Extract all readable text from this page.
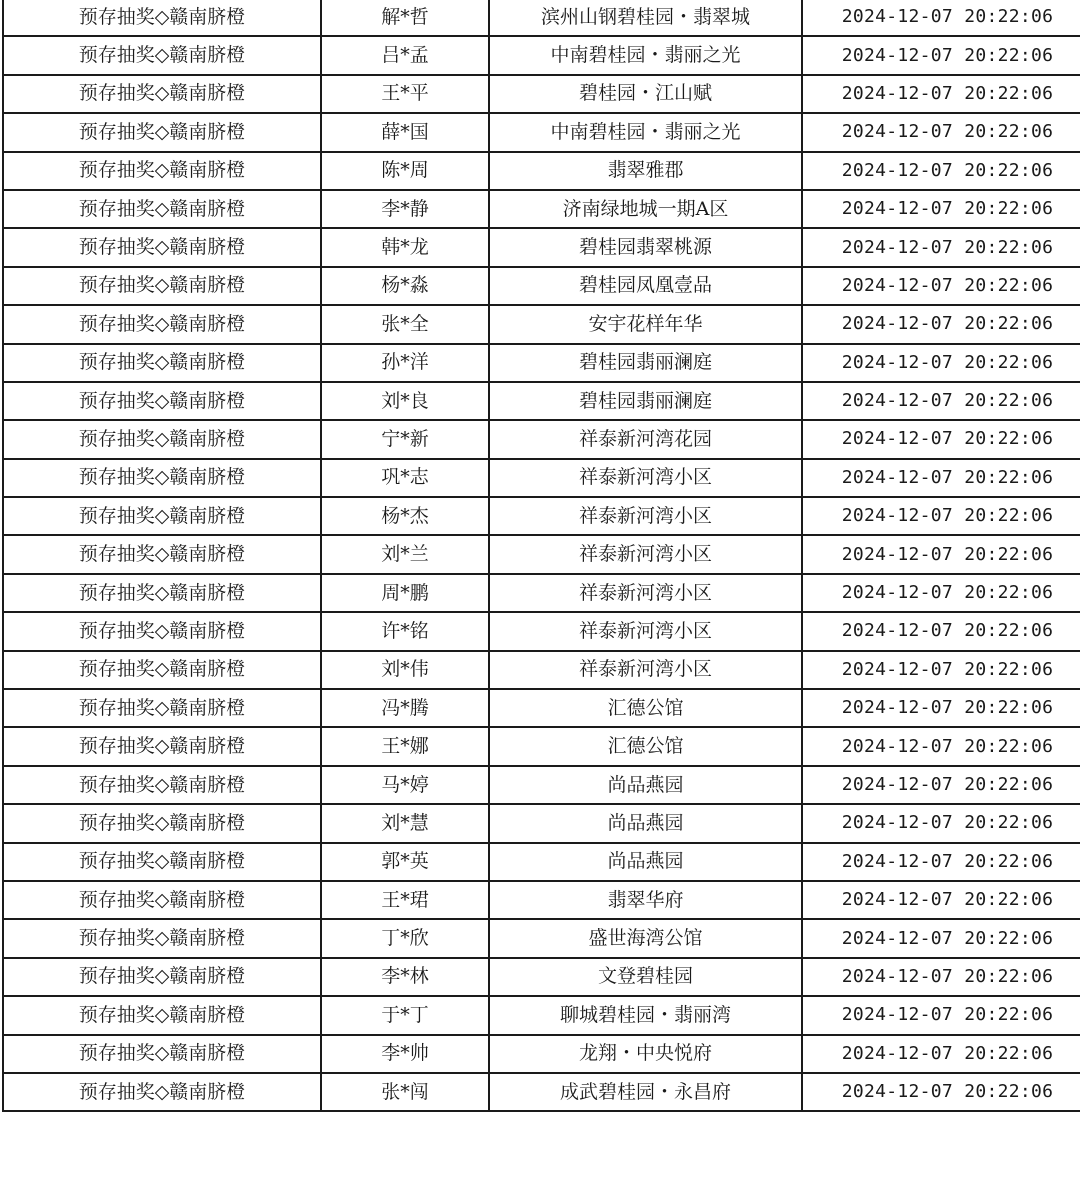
预存抽奖◇赣南脐橙	解*哲	滨州山钢碧桂园・翡翠城	2024-12-07 20:22:06
预存抽奖◇赣南脐橙	吕*孟	中南碧桂园・翡丽之光	2024-12-07 20:22:06
预存抽奖◇赣南脐橙	王*平	碧桂园・江山赋	2024-12-07 20:22:06
预存抽奖◇赣南脐橙	薛*国	中南碧桂园・翡丽之光	2024-12-07 20:22:06
预存抽奖◇赣南脐橙	陈*周	翡翠雅郡	2024-12-07 20:22:06
预存抽奖◇赣南脐橙	李*静	济南绿地城一期A区	2024-12-07 20:22:06
预存抽奖◇赣南脐橙	韩*龙	碧桂园翡翠桃源	2024-12-07 20:22:06
预存抽奖◇赣南脐橙	杨*淼	碧桂园凤凰壹品	2024-12-07 20:22:06
预存抽奖◇赣南脐橙	张*全	安宇花样年华	2024-12-07 20:22:06
预存抽奖◇赣南脐橙	孙*洋	碧桂园翡丽澜庭	2024-12-07 20:22:06
预存抽奖◇赣南脐橙	刘*良	碧桂园翡丽澜庭	2024-12-07 20:22:06
预存抽奖◇赣南脐橙	宁*新	祥泰新河湾花园	2024-12-07 20:22:06
预存抽奖◇赣南脐橙	巩*志	祥泰新河湾小区	2024-12-07 20:22:06
预存抽奖◇赣南脐橙	杨*杰	祥泰新河湾小区	2024-12-07 20:22:06
预存抽奖◇赣南脐橙	刘*兰	祥泰新河湾小区	2024-12-07 20:22:06
预存抽奖◇赣南脐橙	周*鹏	祥泰新河湾小区	2024-12-07 20:22:06
预存抽奖◇赣南脐橙	许*铭	祥泰新河湾小区	2024-12-07 20:22:06
预存抽奖◇赣南脐橙	刘*伟	祥泰新河湾小区	2024-12-07 20:22:06
预存抽奖◇赣南脐橙	冯*腾	汇德公馆	2024-12-07 20:22:06
预存抽奖◇赣南脐橙	王*娜	汇德公馆	2024-12-07 20:22:06
预存抽奖◇赣南脐橙	马*婷	尚品燕园	2024-12-07 20:22:06
预存抽奖◇赣南脐橙	刘*慧	尚品燕园	2024-12-07 20:22:06
预存抽奖◇赣南脐橙	郭*英	尚品燕园	2024-12-07 20:22:06
预存抽奖◇赣南脐橙	王*珺	翡翠华府	2024-12-07 20:22:06
预存抽奖◇赣南脐橙	丁*欣	盛世海湾公馆	2024-12-07 20:22:06
预存抽奖◇赣南脐橙	李*林	文登碧桂园	2024-12-07 20:22:06
预存抽奖◇赣南脐橙	于*丁	聊城碧桂园・翡丽湾	2024-12-07 20:22:06
预存抽奖◇赣南脐橙	李*帅	龙翔・中央悦府	2024-12-07 20:22:06
预存抽奖◇赣南脐橙	张*闯	成武碧桂园・永昌府	2024-12-07 20:22:06
